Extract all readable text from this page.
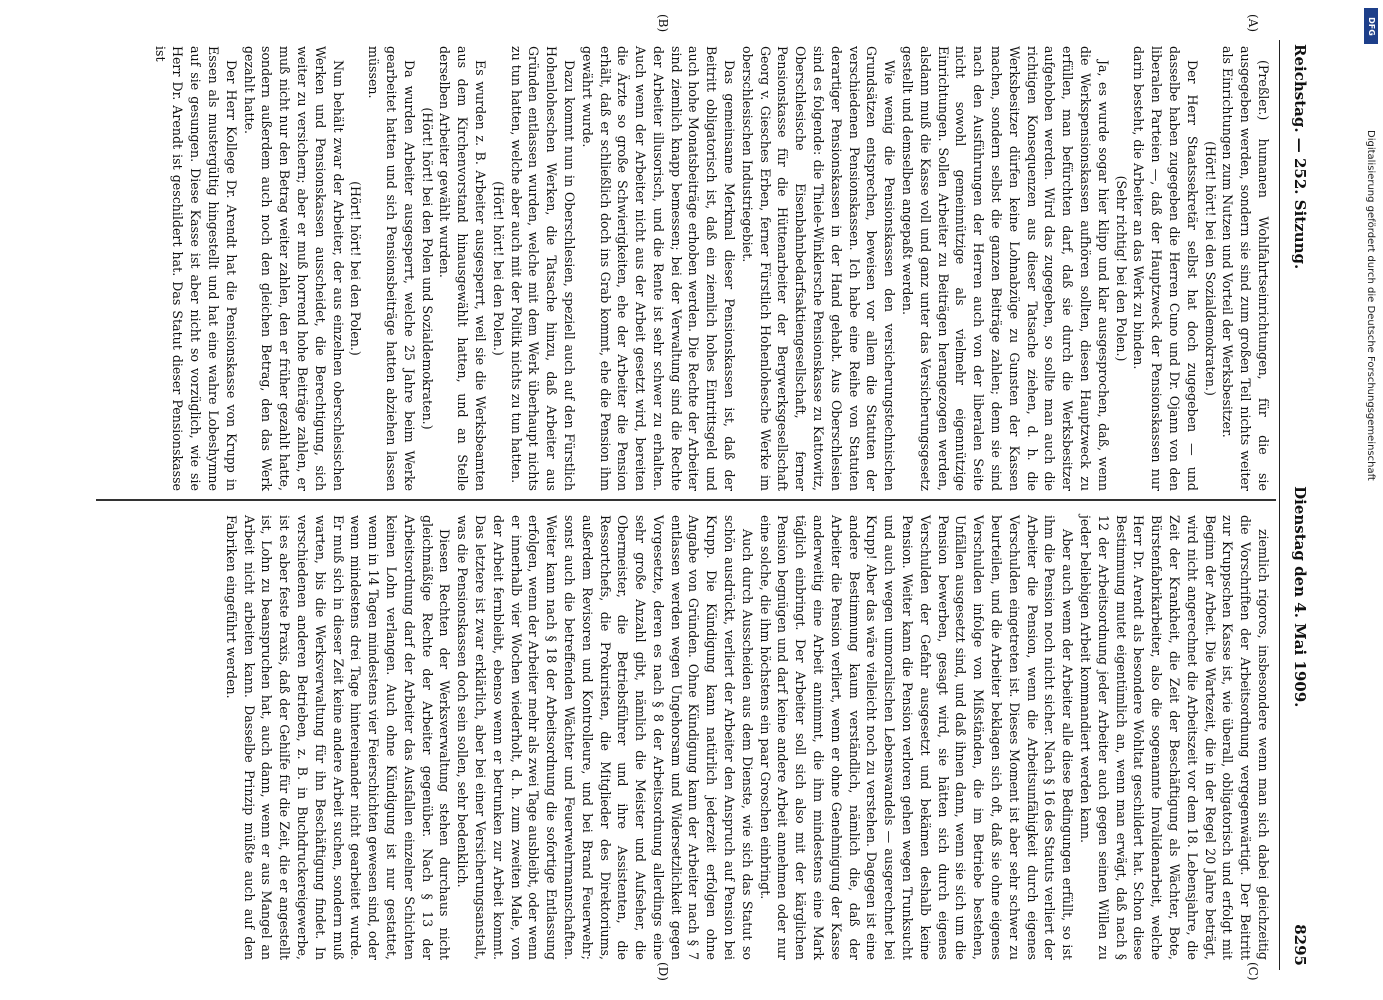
Reichstag. — 252. Sitzung.
Dienstag den 4. Mai 1909.
8295
(A)
(B)
(C)
(D)

(Preßler.) humanen Wohlfahrtseinrichtungen, für die sie ausgegeben werden, sondern sie sind zum großen Teil nichts weiter als Einrichtungen zum Nutzen und Vorteil der Werksbesitzer.

(Hört! hört! bei den Sozialdemokraten.)

Der Herr Staatssekretär selbst hat doch zugegeben — und dasselbe haben zugegeben die Herren Cuno und Dr. Ojann von den liberalen Parteien —, daß der Hauptzweck der Pensionskassen nur darin besteht, die Arbeiter an das Werk zu binden.

(Sehr richtig! bei den Polen.)

Ja, es wurde sogar hier klipp und klar ausgesprochen, daß, wenn die Werkspensionskassen aufhören sollten, diesen Hauptzweck zu erfüllen, man befürchten darf, daß sie durch die Werksbesitzer aufgehoben werden. Wird das zugegeben, so sollte man auch die richtigen Konsequenzen aus dieser Tatsache ziehen, d. h. die Werksbesitzer dürfen keine Lohnabzüge zu Gunsten der Kassen machen, sondern selbst die ganzen Beiträge zahlen; denn sie sind nach den Ausführungen der Herren auch von der liberalen Seite nicht sowohl gemeinnützige als vielmehr eigennützige Einrichtungen. Sollen Arbeiter zu Beiträgen herangezogen werden, alsdann muß die Kasse voll und ganz unter das Versicherungsgesetz gestellt und demselben angepaßt werden.

Wie wenig die Pensionskassen den versicherungstechnischen Grundsätzen entsprechen, beweisen vor allem die Statuten der verschiedenen Pensionskassen. Ich habe eine Reihe von Statuten derartiger Pensionskassen in der Hand gehabt. Aus Oberschlesien sind es folgende: die Thiele-Winklersche Pensionskasse zu Kattowitz, Oberschlesische Eisenbahnbedarfsaktiengesellschaft, ferner Pensionskasse für die Hüttenarbeiter der Bergwerksgesellschaft Georg v. Giesches Erben, ferner Fürstlich Hohenlohesche Werke im oberschlesischen Industriegebiet.

Das gemeinsame Merkmal dieser Pensionskassen ist, daß der Beitritt obligatorisch ist, daß ein ziemlich hohes Eintrittsgeld und auch hohe Monatsbeiträge erhoben werden. Die Rechte der Arbeiter sind ziemlich knapp bemessen; bei der Verwaltung sind die Rechte der Arbeiter illusorisch, und die Rente ist sehr schwer zu erhalten. Auch wenn der Arbeiter nicht aus der Arbeit gesetzt wird, bereiten die Ärzte so große Schwierigkeiten, ehe der Arbeiter die Pension erhält, daß er schließlich doch ins Grab kommt, ehe die Pension ihm gewährt wurde.

Dazu kommt nun in Oberschlesien, speziell auch auf den Fürstlich Hohenloheschen Werken, die Tatsache hinzu, daß Arbeiter aus Gründen entlassen wurden, welche mit dem Werk überhaupt nichts zu tun hatten, welche aber auch mit der Politik nichts zu tun hatten.

(Hört! hört! bei den Polen.)

Es wurden z. B. Arbeiter ausgesperrt, weil sie die Werksbeamten aus dem Kirchenvorstand hinausgewählt hatten, und an Stelle derselben Arbeiter gewählt wurden.

(Hört! hört! bei den Polen und Sozialdemokraten.)

Da wurden Arbeiter ausgesperrt, welche 25 Jahre beim Werke gearbeitet hatten und sich Pensionsbeiträge hatten abziehen lassen müssen.

(Hört! hört! bei den Polen.)

Nun behält zwar der Arbeiter, der aus einzelnen oberschlesischen Werken und Pensionskassen ausscheidet, die Berechtigung, sich weiter zu versichern; aber er muß horrend hohe Beiträge zahlen, er muß nicht nur den Betrag weiter zahlen, den er früher gezahlt hatte, sondern außerdem auch noch den gleichen Betrag, den das Werk gezahlt hatte.

Der Herr Kollege Dr. Arendt hat die Pensionskasse von Krupp in Essen als mustergültig hingestellt und hat eine wahre Lobeshymne auf sie gesungen. Diese Kasse ist aber nicht so vorzüglich, wie sie Herr Dr. Arendt ist geschildert hat. Das Statut dieser Pensionskasse ist

ziemlich rigoros, insbesondere wenn man sich dabei gleichzeitig die Vorschriften der Arbeitsordnung vergegenwärtigt. Der Beitritt zur Kruppschen Kasse ist, wie überall, obligatorisch und erfolgt mit Beginn der Arbeit. Die Wartezeit, die in der Regel 20 Jahre beträgt, wird nicht angerechnet die Arbeitszeit vor dem 18. Lebensjahre, die Zeit der Krankheit, die Zeit der Beschäftigung als Wächter, Bote, Bürstenfabrikarbeiter, also die sogenannte Invalidenarbeit, welche Herr Dr. Arendt als besondere Wohltat geschildert hat. Schon diese Bestimmung mutet eigentümlich an, wenn man erwägt, daß nach § 12 der Arbeitsordnung jeder Arbeiter auch gegen seinen Willen zu jeder beliebigen Arbeit kommandiert werden kann.

Aber auch wenn der Arbeiter alle diese Bedingungen erfüllt, so ist ihm die Pension noch nicht sicher. Nach § 16 des Statuts verliert der Arbeiter die Pension, wenn die Arbeitsunfähigkeit durch eigenes Verschulden eingetreten ist. Dieses Moment ist aber sehr schwer zu beurteilen, und die Arbeiter beklagen sich oft, daß sie ohne eigenes Verschulden infolge von Mißständen, die im Betriebe bestehen, Unfällen ausgesetzt sind, und daß ihnen dann, wenn sie sich um die Pension bewerben, gesagt wird, sie hätten sich durch eigenes Verschulden der Gefahr ausgesetzt und bekämen deshalb keine Pension. Weiter kann die Pension verloren gehen wegen Trunksucht und auch wegen unmoralischen Lebenswandels — ausgerechnet bei Krupp! Aber das wäre vielleicht noch zu verstehen. Dagegen ist eine andere Bestimmung kaum verständlich, nämlich die, daß der Arbeiter die Pension verliert, wenn er ohne Genehmigung der Kasse anderweitig eine Arbeit annimmt, die ihm mindestens eine Mark täglich einbringt. Der Arbeiter soll sich also mit der kärglichen Pension begnügen und darf keine andere Arbeit annehmen oder nur eine solche, die ihm höchstens ein paar Groschen einbringt.

Auch durch Ausscheiden aus dem Dienste, wie sich das Statut so schön ausdrückt, verliert der Arbeiter den Anspruch auf Pension bei Krupp. Die Kündigung kann natürlich jederzeit erfolgen ohne Angabe von Gründen. Ohne Kündigung kann der Arbeiter nach § 7 entlassen werden wegen Ungehorsam und Widersetzlichkeit gegen Vorgesetzte, deren es nach § 8 der Arbeitsordnung allerdings eine sehr große Anzahl gibt, nämlich die Meister und Aufseher, die Obermeister, die Betriebsführer und ihre Assistenten, die Ressortchefs, die Prokuristen, die Mitglieder des Direktoriums, außerdem Revisoren und Kontrolleure, und bei Brand Feuerwehr; sonst auch die betreffenden Wächter und Feuerwehrmannschaften. Weiter kann nach § 18 der Arbeitsordnung die sofortige Entlassung erfolgen, wenn der Arbeiter mehr als zwei Tage ausbleibt, oder wenn er innerhalb vier Wochen wiederholt, d. h. zum zweiten Male, von der Arbeit fernbleibt, ebenso wenn er betrunken zur Arbeit kommt. Das letztere ist zwar erklärlich, aber bei einer Versicherungsanstalt, was die Pensionskassen doch sein sollen, sehr bedenklich.

Diesen Rechten der Werksverwaltung stehen durchaus nicht gleichmäßige Rechte der Arbeiter gegenüber. Nach § 13 der Arbeitsordnung darf der Arbeiter das Ausfallen einzelner Schichten keinen Lohn verlangen. Auch ohne Kündigung ist nur gestattet, wenn in 14 Tagen mindestens vier Feierschichten gewesen sind, oder wenn mindestens drei Tage hintereinander nicht gearbeitet wurde. Er muß sich in dieser Zeit keine andere Arbeit suchen, sondern muß warten, bis die Werksverwaltung für ihn Beschäftigung findet. In verschiedenen anderen Betrieben, z. B. in Buchdruckereigewerbe, ist es aber feste Praxis, daß der Gehilfe für die Zeit, die er angestellt ist, Lohn zu beanspruchen hat, auch dann, wenn er aus Mangel an Arbeit nicht arbeiten kann. Dasselbe Prinzip müßte auch auf den Fabriken eingeführt werden.

DFG
Digitalisierung gefördert durch die Deutsche Forschungsgemeinschaft
